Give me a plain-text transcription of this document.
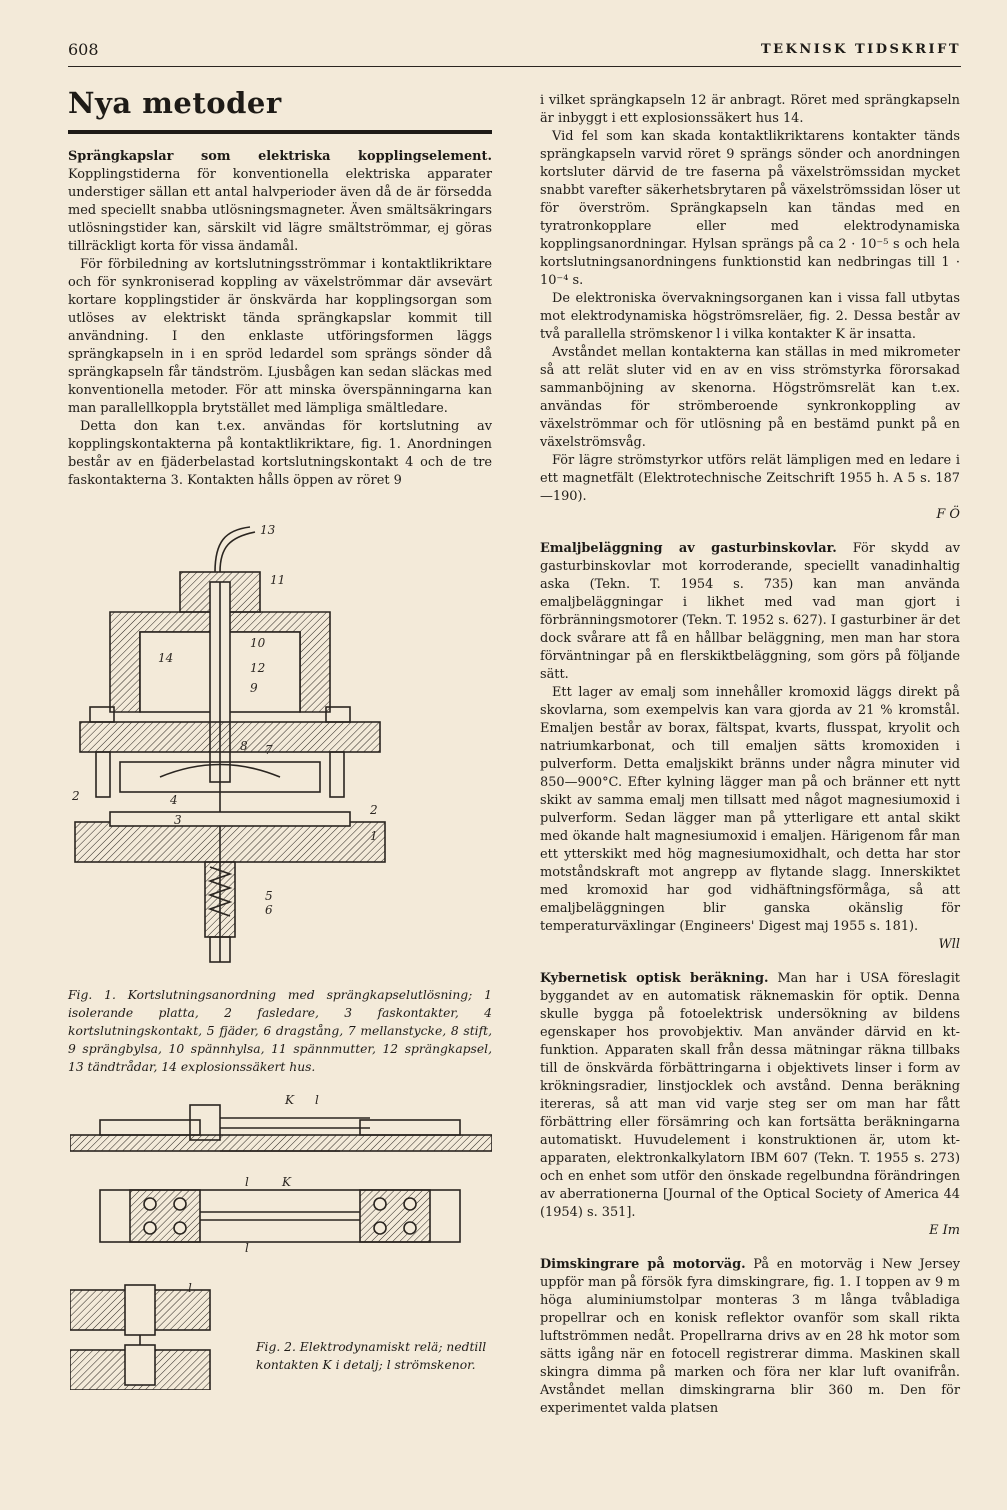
608	TEKNISK TIDSKRIFT
Nya metoder

Sprängkapslar som elektriska kopplingselement. Kopplingstiderna för konventionella elektriska apparater understiger sällan ett antal halvperioder även då de är försedda med speciellt snabba utlösningsmagneter. Även smältsäkringars utlösningstider kan, särskilt vid lägre smältströmmar, ej göras tillräckligt korta för vissa ändamål.

För förbiledning av kortslutningsströmmar i kontaktlikriktare och för synkroniserad koppling av växelströmmar där avsevärt kortare kopplingstider är önskvärda har kopplingsorgan som utlöses av elektriskt tända sprängkapslar kommit till användning. I den enklaste utföringsformen läggs sprängkapseln in i en spröd ledardel som sprängs sönder då sprängkapseln får tändström. Ljusbågen kan sedan släckas med konventionella metoder. För att minska överspänningarna kan man parallellkoppla brytstället med lämpliga smältledare.

Detta don kan t.ex. användas för kortslutning av kopplingskontakterna på kontaktlikriktare, fig. 1. Anordningen består av en fjäderbelastad kortslutningskontakt 4 och de tre faskontakterna 3. Kontakten hålls öppen av röret 9

13
11
10
14
12
9
8 7
2	4
3
2
1
5
6
Fig. 1. Kortslutningsanordning med sprängkapselutlösning; 1 isolerande platta, 2 fasledare, 3 faskontakter, 4 kortslutningskontakt, 5 fjäder, 6 dragstång, 7 mellanstycke, 8 stift, 9 sprängbylsa, 10 spännhylsa, 11 spännmutter, 12 sprängkapsel, 13 tändtrådar, 14 explosionssäkert hus.
K l
l	K
l
l
Fig. 2. Elektrodynamiskt relä; nedtill kontakten K i detalj; l strömskenor.

i vilket sprängkapseln 12 är anbragt. Röret med sprängkapseln är inbyggt i ett explosionssäkert hus 14.

Vid fel som kan skada kontaktlikriktarens kontakter tänds sprängkapseln varvid röret 9 sprängs sönder och anordningen kortsluter därvid de tre faserna på växelströmssidan mycket snabbt varefter säkerhetsbrytaren på växelströmssidan löser ut för överström. Sprängkapseln kan tändas med en tyratronkopplare eller med elektrodynamiska kopplingsanordningar. Hylsan sprängs på ca 2 · 10⁻⁵ s och hela kortslutningsanordningens funktionstid kan nedbringas till 1 · 10⁻⁴ s.

De elektroniska övervakningsorganen kan i vissa fall utbytas mot elektrodynamiska högströmsreläer, fig. 2. Dessa består av två parallella strömskenor l i vilka kontakter K är insatta.

Avståndet mellan kontakterna kan ställas in med mikrometer så att relät sluter vid en av en viss strömstyrka förorsakad sammanböjning av skenorna. Högströmsrelät kan t.ex. användas för strömberoende synkronkoppling av växelströmmar och för utlösning på en bestämd punkt på en växelströmsvåg.

För lägre strömstyrkor utförs relät lämpligen med en ledare i ett magnetfält (Elektrotechnische Zeitschrift 1955 h. A 5 s. 187—190).

F Ö

Emaljbeläggning av gasturbinskovlar. För skydd av gasturbinskovlar mot korroderande, speciellt vanadinhaltig aska (Tekn. T. 1954 s. 735) kan man använda emaljbeläggningar i likhet med vad man gjort i förbränningsmotorer (Tekn. T. 1952 s. 627). I gasturbiner är det dock svårare att få en hållbar beläggning, men man har stora förväntningar på en flerskiktbeläggning, som görs på följande sätt.

Ett lager av emalj som innehåller kromoxid läggs direkt på skovlarna, som exempelvis kan vara gjorda av 21 % kromstål. Emaljen består av borax, fältspat, kvarts, flusspat, kryolit och natriumkarbonat, och till emaljen sätts kromoxiden i pulverform. Detta emaljskikt bränns under några minuter vid 850—900°C. Efter kylning lägger man på och bränner ett nytt skikt av samma emalj men tillsatt med något magnesiumoxid i pulverform. Sedan lägger man på ytterligare ett antal skikt med ökande halt magnesiumoxid i emaljen. Härigenom får man ett ytterskikt med hög magnesiumoxidhalt, och detta har stor motståndskraft mot angrepp av flytande slagg. Innerskiktet med kromoxid har god vidhäftningsförmåga, så att emaljbeläggningen blir ganska okänslig för temperaturväxlingar (Engineers' Digest maj 1955 s. 181).

Wll

Kybernetisk optisk beräkning. Man har i USA föreslagit byggandet av en automatisk räknemaskin för optik. Denna skulle bygga på fotoelektrisk undersökning av bildens egenskaper hos provobjektiv. Man använder därvid en kt-funktion. Apparaten skall från dessa mätningar räkna tillbaks till de önskvärda förbättringarna i objektivets linser i form av krökningsradier, linstjocklek och avstånd. Denna beräkning itereras, så att man vid varje steg ser om man har fått förbättring eller försämring och kan fortsätta beräkningarna automatiskt. Huvudelement i konstruktionen är, utom kt-apparaten, elektronkalkylatorn IBM 607 (Tekn. T. 1955 s. 273) och en enhet som utför den önskade regelbundna förändringen av aberrationerna [Journal of the Optical Society of America 44 (1954) s. 351].

E Im

Dimskingrare på motorväg. På en motorväg i New Jersey uppför man på försök fyra dimskingrare, fig. 1. I toppen av 9 m höga aluminiumstolpar monteras 3 m långa tvåbladiga propellrar och en konisk reflektor ovanför som skall rikta luftströmmen nedåt. Propellrarna drivs av en 28 hk motor som sätts igång när en fotocell registrerar dimma. Maskinen skall skingra dimma på marken och föra ner klar luft ovanifrån. Avståndet mellan dimskingrarna blir 360 m. Den för experimentet valda platsen
